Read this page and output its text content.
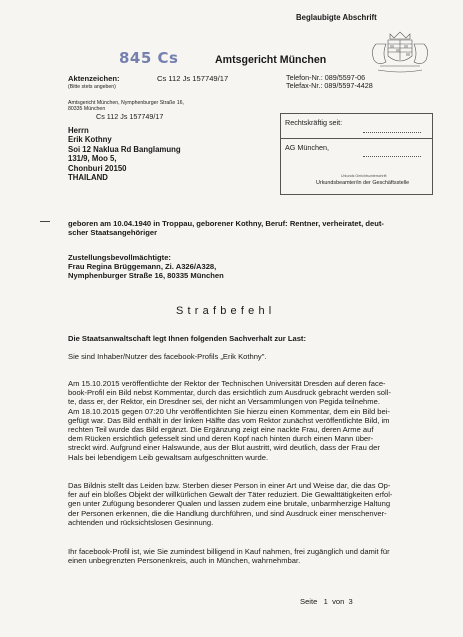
Beglaubigte Abschrift
845 Cs	Amtsgericht München
Aktenzeichen:
(Bitte stets angeben)
Cs 112 Js 157749/17	Telefon-Nr.: 089/5597-06
Telefax-Nr.: 089/5597-4428
Amtsgericht München, Nymphenburger Straße 16,
80335 München
Cs 112 Js 157749/17
Herrn
Erik Kothny
Soi 12 Naklua Rd Banglamung
131/9, Moo 5,
Chonburi 20150
THAILAND
Rechtskräftig seit:
AG München,
Urkunds Gerichtsunterschrift
Urkundsbeamter/in der Geschäftsstelle
geboren am 10.04.1940 in Troppau, geborener Kothny, Beruf: Rentner, verheiratet, deut-
scher Staatsangehöriger
Zustellungsbevollmächtigte:
Frau Regina Brüggemann, Zi. A326/A328,
Nymphenburger Straße 16, 80335 München
Strafbefehl
Die Staatsanwaltschaft legt Ihnen folgenden Sachverhalt zur Last:
Sie sind Inhaber/Nutzer des facebook-Profils „Erik Kothny".
Am 15.10.2015 veröffentlichte der Rektor der Technischen Universität Dresden auf deren face-
book-Profil ein Bild nebst Kommentar, durch das ersichtlich zum Ausdruck gebracht werden soll-
te, dass er, der Rektor, ein Dresdner sei, der nicht an Versammlungen von Pegida teilnehme.
Am 18.10.2015 gegen 07:20 Uhr veröffentlichten Sie hierzu einen Kommentar, dem ein Bild bei-
gefügt war. Das Bild enthält in der linken Hälfte das vom Rektor zunächst veröffentlichte Bild, im
rechten Teil wurde das Bild ergänzt. Die Ergänzung zeigt eine nackte Frau, deren Arme auf
dem Rücken ersichtlich gefesselt sind und deren Kopf nach hinten durch einen Mann über-
streckt wird. Aufgrund einer Halswunde, aus der Blut austritt, wird deutlich, dass der Frau der
Hals bei lebendigem Leib gewaltsam aufgeschnitten wurde.
Das Bildnis stellt das Leiden bzw. Sterben dieser Person in einer Art und Weise dar, die das Op-
fer auf ein bloßes Objekt der willkürlichen Gewalt der Täter reduziert. Die Gewalttätigkeiten erfol-
gen unter Zufügung besonderer Qualen und lassen zudem eine brutale, unbarmherzige Haltung
der Personen erkennen, die die Handlung durchführen, und sind Ausdruck einer menschenver-
achtenden und rücksichtslosen Gesinnung.
Ihr facebook-Profil ist, wie Sie zumindest billigend in Kauf nahmen, frei zugänglich und damit für
einen unbegrenzten Personenkreis, auch in München, wahrnehmbar.
Seite   1  von  3
